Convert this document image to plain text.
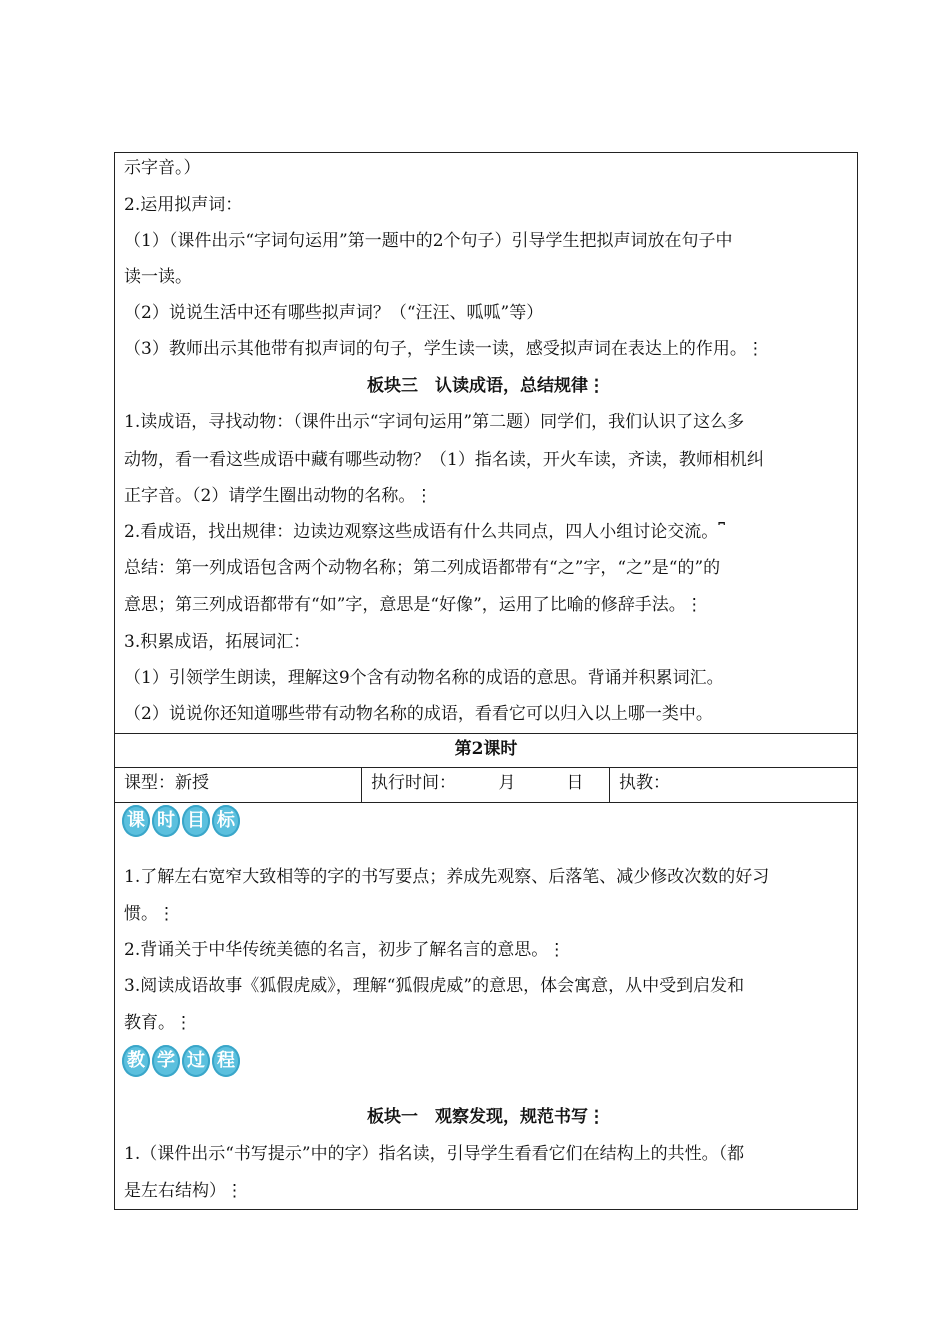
示字音。）
2.运用拟声词：
（1）（课件出示“字词句运用”第一题中的2个句子）引导学生把拟声词放在句子中
读一读。
（2）说说生活中还有哪些拟声词？（“汪汪、呱呱”等）
（3）教师出示其他带有拟声词的句子，学生读一读，感受拟声词在表达上的作用。⋮
板块三　认读成语，总结规律⋮
1.读成语，寻找动物：（课件出示“字词句运用”第二题）同学们，我们认识了这么多
动物，看一看这些成语中藏有哪些动物？（1）指名读，开火车读，齐读，教师相机纠
正字音。（2）请学生圈出动物的名称。⋮
2.看成语，找出规律：边读边观察这些成语有什么共同点，四人小组讨论交流。⎴
总结：第一列成语包含两个动物名称；第二列成语都带有“之”字，“之”是“的”的
意思；第三列成语都带有“如”字，意思是“好像”，运用了比喻的修辞手法。⋮
3.积累成语，拓展词汇：
（1）引领学生朗读，理解这9个含有动物名称的成语的意思。背诵并积累词汇。
（2）说说你还知道哪些带有动物名称的成语，看看它可以归入以上哪一类中。
第2课时
课型：新授	执行时间：　　　月　　　日 执教：
课 时 目 标
1.了解左右宽窄大致相等的字的书写要点；养成先观察、后落笔、减少修改次数的好习
惯。⋮
2.背诵关于中华传统美德的名言，初步了解名言的意思。⋮
3.阅读成语故事《狐假虎威》，理解“狐假虎威”的意思，体会寓意，从中受到启发和
教育。⋮
教 学 过 程
板块一　观察发现，规范书写⋮
1.（课件出示“书写提示”中的字）指名读，引导学生看看它们在结构上的共性。（都
是左右结构）⋮
